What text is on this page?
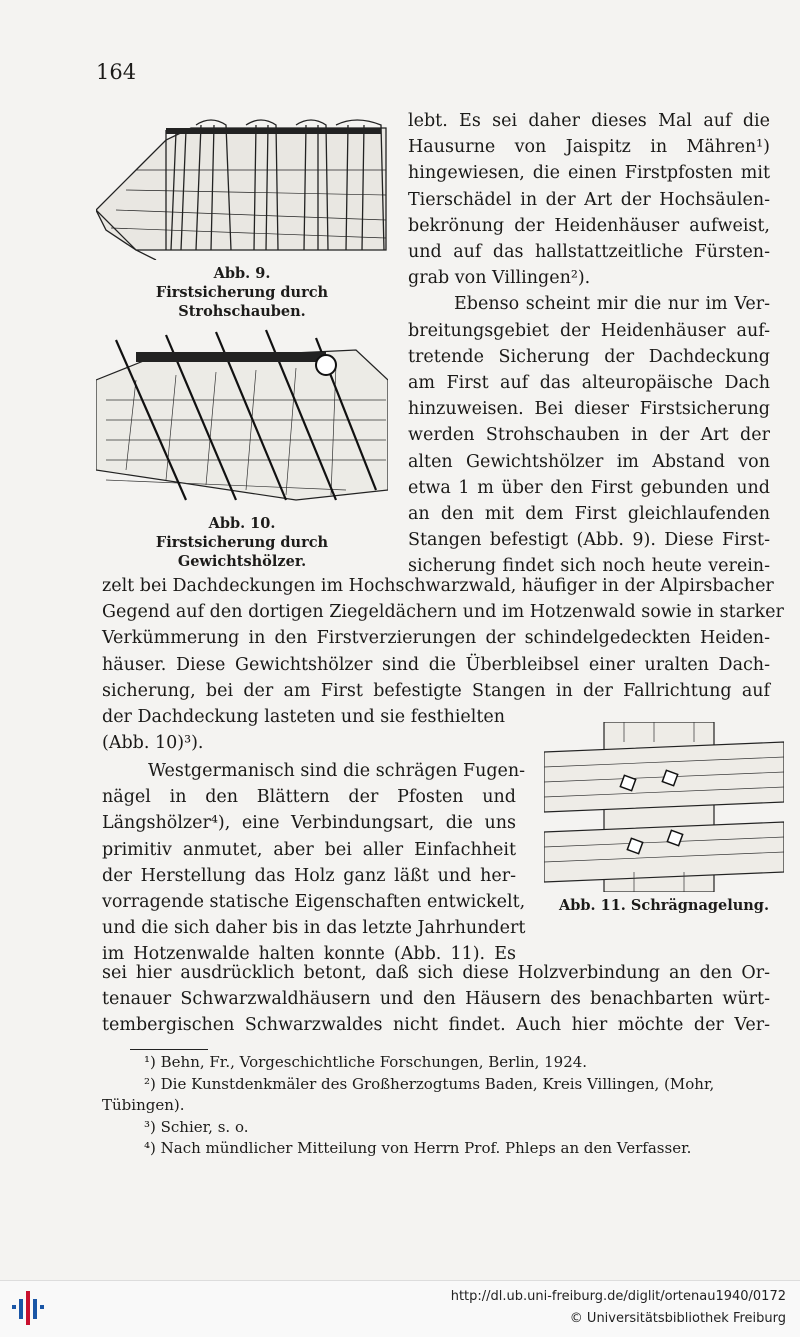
164
Abb. 9.
Firstsicherung durch Strohschauben.
Abb. 10.
Firstsicherung durch Gewichtshölzer.
Abb. 11. Schrägnagelung.
lebt. Es sei daher dieses Mal auf die
Hausurne von Jaispitz in Mähren¹)
hingewiesen, die einen Firstpfosten mit
Tierschädel in der Art der Hochsäulen-
bekrönung der Heidenhäuser aufweist,
und auf das hallstattzeitliche Fürsten-
grab von Villingen²).
Ebenso scheint mir die nur im Ver-
breitungsgebiet der Heidenhäuser auf-
tretende Sicherung der Dachdeckung
am First auf das alteuropäische Dach
hinzuweisen. Bei dieser Firstsicherung
werden Strohschauben in der Art der
alten Gewichtshölzer im Abstand von
etwa 1 m über den First gebunden und
an den mit dem First gleichlaufenden
Stangen befestigt (Abb. 9). Diese First-
sicherung findet sich noch heute verein-
zelt bei Dachdeckungen im Hochschwarzwald, häufiger in der Alpirsbacher
Gegend auf den dortigen Ziegeldächern und im Hotzenwald sowie in starker
Verkümmerung in den Firstverzierungen der schindelgedeckten Heiden-
häuser. Diese Gewichtshölzer sind die Überbleibsel einer uralten Dach-
sicherung, bei der am First befestigte Stangen in der Fallrichtung auf
der Dachdeckung lasteten und sie festhielten
(Abb. 10)³).
Westgermanisch sind die schrägen Fugen-
nägel in den Blättern der Pfosten und
Längshölzer⁴), eine Verbindungsart, die uns
primitiv anmutet, aber bei aller Einfachheit
der Herstellung das Holz ganz läßt und her-
vorragende statische Eigenschaften entwickelt,
und die sich daher bis in das letzte Jahrhundert
im Hotzenwalde halten konnte (Abb. 11). Es
sei hier ausdrücklich betont, daß sich diese Holzverbindung an den Or-
tenauer Schwarzwaldhäusern und den Häusern des benachbarten würt-
tembergischen Schwarzwaldes nicht findet. Auch hier möchte der Ver-
¹) Behn, Fr., Vorgeschichtliche Forschungen, Berlin, 1924.
²) Die Kunstdenkmäler des Großherzogtums Baden, Kreis Villingen, (Mohr,
Tübingen).
³) Schier, s. o.
⁴) Nach mündlicher Mitteilung von Herrn Prof. Phleps an den Verfasser.
http://dl.ub.uni-freiburg.de/diglit/ortenau1940/0172
© Universitätsbibliothek Freiburg
